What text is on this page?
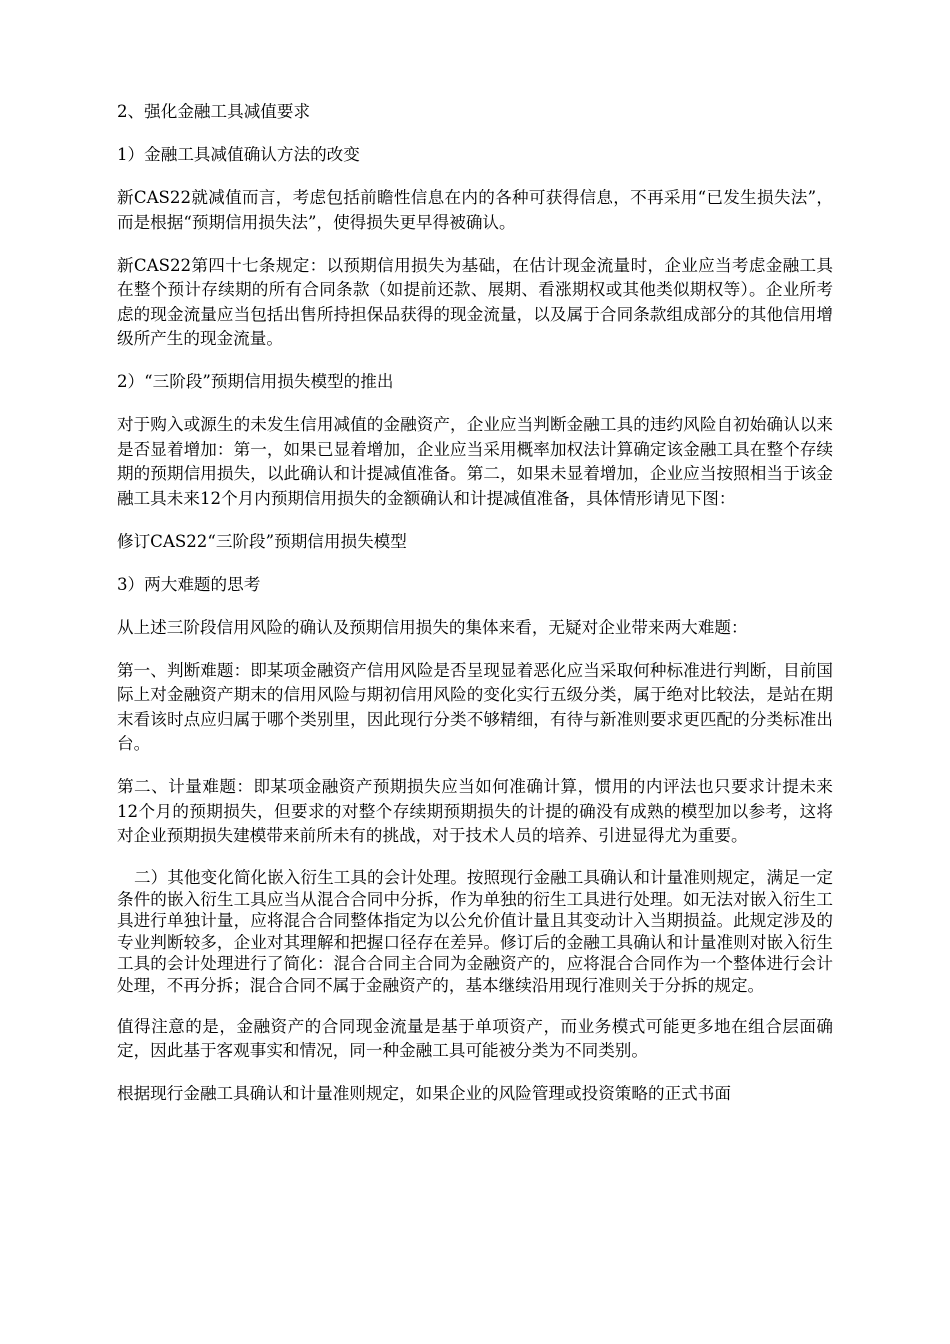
2、强化金融工具减值要求

1）金融工具减值确认方法的改变

新CAS22就减值而言，考虑包括前瞻性信息在内的各种可获得信息，不再采用“已发生损失法”，而是根据“预期信用损失法”，使得损失更早得被确认。

新CAS22第四十七条规定：以预期信用损失为基础，在估计现金流量时，企业应当考虑金融工具在整个预计存续期的所有合同条款（如提前还款、展期、看涨期权或其他类似期权等）。企业所考虑的现金流量应当包括出售所持担保品获得的现金流量，以及属于合同条款组成部分的其他信用增级所产生的现金流量。

2）“三阶段”预期信用损失模型的推出

对于购入或源生的未发生信用减值的金融资产，企业应当判断金融工具的违约风险自初始确认以来是否显着增加：第一，如果已显着增加，企业应当采用概率加权法计算确定该金融工具在整个存续期的预期信用损失，以此确认和计提减值准备。第二，如果未显着增加，企业应当按照相当于该金融工具未来12个月内预期信用损失的金额确认和计提减值准备，具体情形请见下图：

修订CAS22“三阶段”预期信用损失模型

3）两大难题的思考

从上述三阶段信用风险的确认及预期信用损失的集体来看，无疑对企业带来两大难题：

第一、判断难题：即某项金融资产信用风险是否呈现显着恶化应当采取何种标准进行判断，目前国际上对金融资产期末的信用风险与期初信用风险的变化实行五级分类，属于绝对比较法，是站在期末看该时点应归属于哪个类别里，因此现行分类不够精细，有待与新准则要求更匹配的分类标准出台。

第二、计量难题：即某项金融资产预期损失应当如何准确计算，惯用的内评法也只要求计提未来12个月的预期损失，但要求的对整个存续期预期损失的计提的确没有成熟的模型加以参考，这将对企业预期损失建模带来前所未有的挑战，对于技术人员的培养、引进显得尤为重要。

二）其他变化简化嵌入衍生工具的会计处理。按照现行金融工具确认和计量准则规定，满足一定条件的嵌入衍生工具应当从混合合同中分拆，作为单独的衍生工具进行处理。如无法对嵌入衍生工具进行单独计量，应将混合合同整体指定为以公允价值计量且其变动计入当期损益。此规定涉及的专业判断较多，企业对其理解和把握口径存在差异。修订后的金融工具确认和计量准则对嵌入衍生工具的会计处理进行了简化：混合合同主合同为金融资产的，应将混合合同作为一个整体进行会计处理，不再分拆；混合合同不属于金融资产的，基本继续沿用现行准则关于分拆的规定。

值得注意的是，金融资产的合同现金流量是基于单项资产，而业务模式可能更多地在组合层面确定，因此基于客观事实和情况，同一种金融工具可能被分类为不同类别。

根据现行金融工具确认和计量准则规定，如果企业的风险管理或投资策略的正式书面
